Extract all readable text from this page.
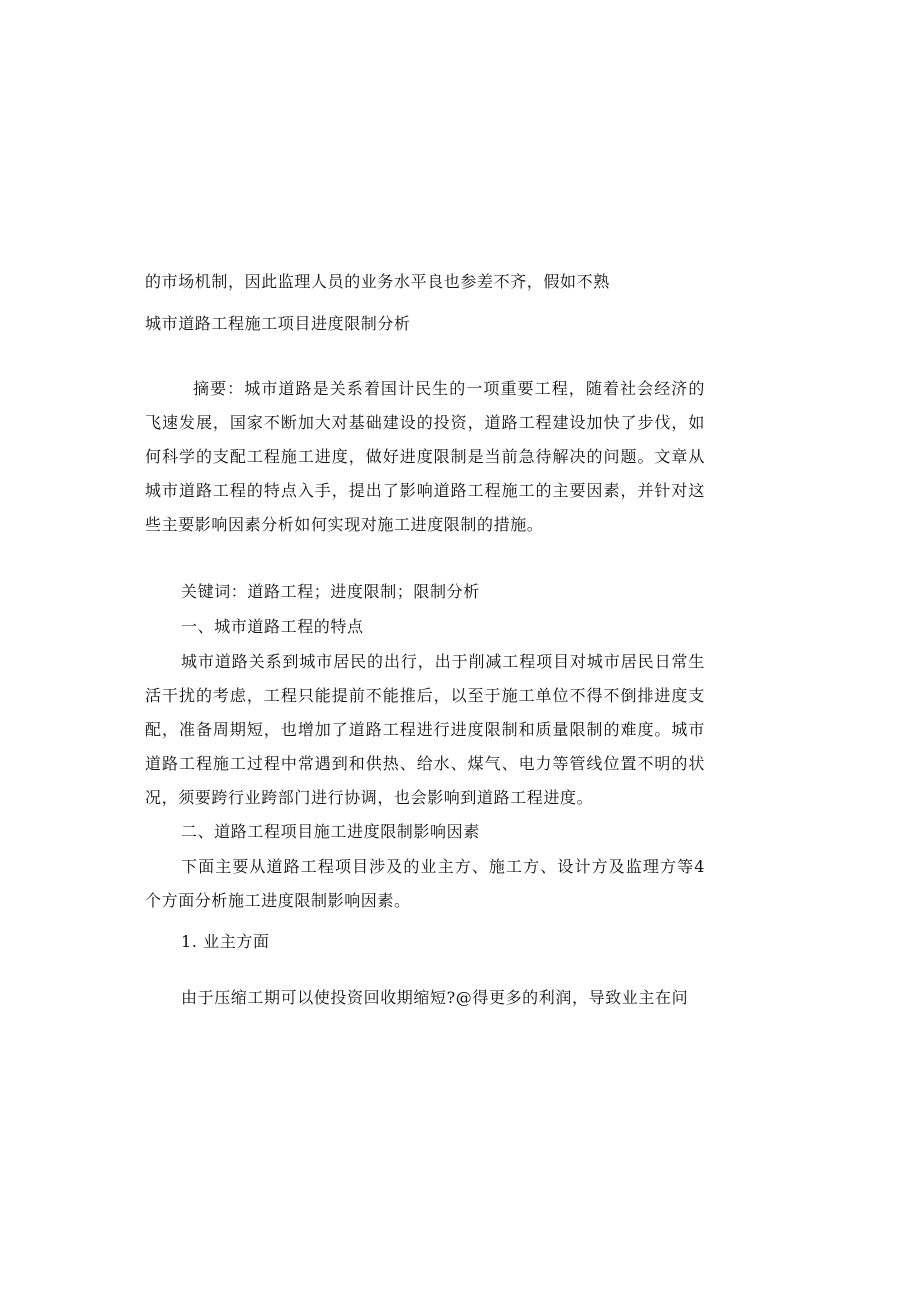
的市场机制，因此监理人员的业务水平良也参差不齐，假如不熟
城市道路工程施工项目进度限制分析

摘要：城市道路是关系着国计民生的一项重要工程，随着社会经济的飞速发展，国家不断加大对基础建设的投资，道路工程建设加快了步伐，如何科学的支配工程施工进度，做好进度限制是当前急待解决的问题。文章从城市道路工程的特点入手，提出了影响道路工程施工的主要因素，并针对这些主要影响因素分析如何实现对施工进度限制的措施。

关键词：道路工程；进度限制；限制分析
一、城市道路工程的特点

城市道路关系到城市居民的出行，出于削减工程项目对城市居民日常生活干扰的考虑，工程只能提前不能推后，以至于施工单位不得不倒排进度支配，准备周期短，也增加了道路工程进行进度限制和质量限制的难度。城市道路工程施工过程中常遇到和供热、给水、煤气、电力等管线位置不明的状况，须要跨行业跨部门进行协调，也会影响到道路工程进度。

二、道路工程项目施工进度限制影响因素

下面主要从道路工程项目涉及的业主方、施工方、设计方及监理方等4个方面分析施工进度限制影响因素。

1. 业主方面
由于压缩工期可以使投资回收期缩短?@得更多的利润，导致业主在问
